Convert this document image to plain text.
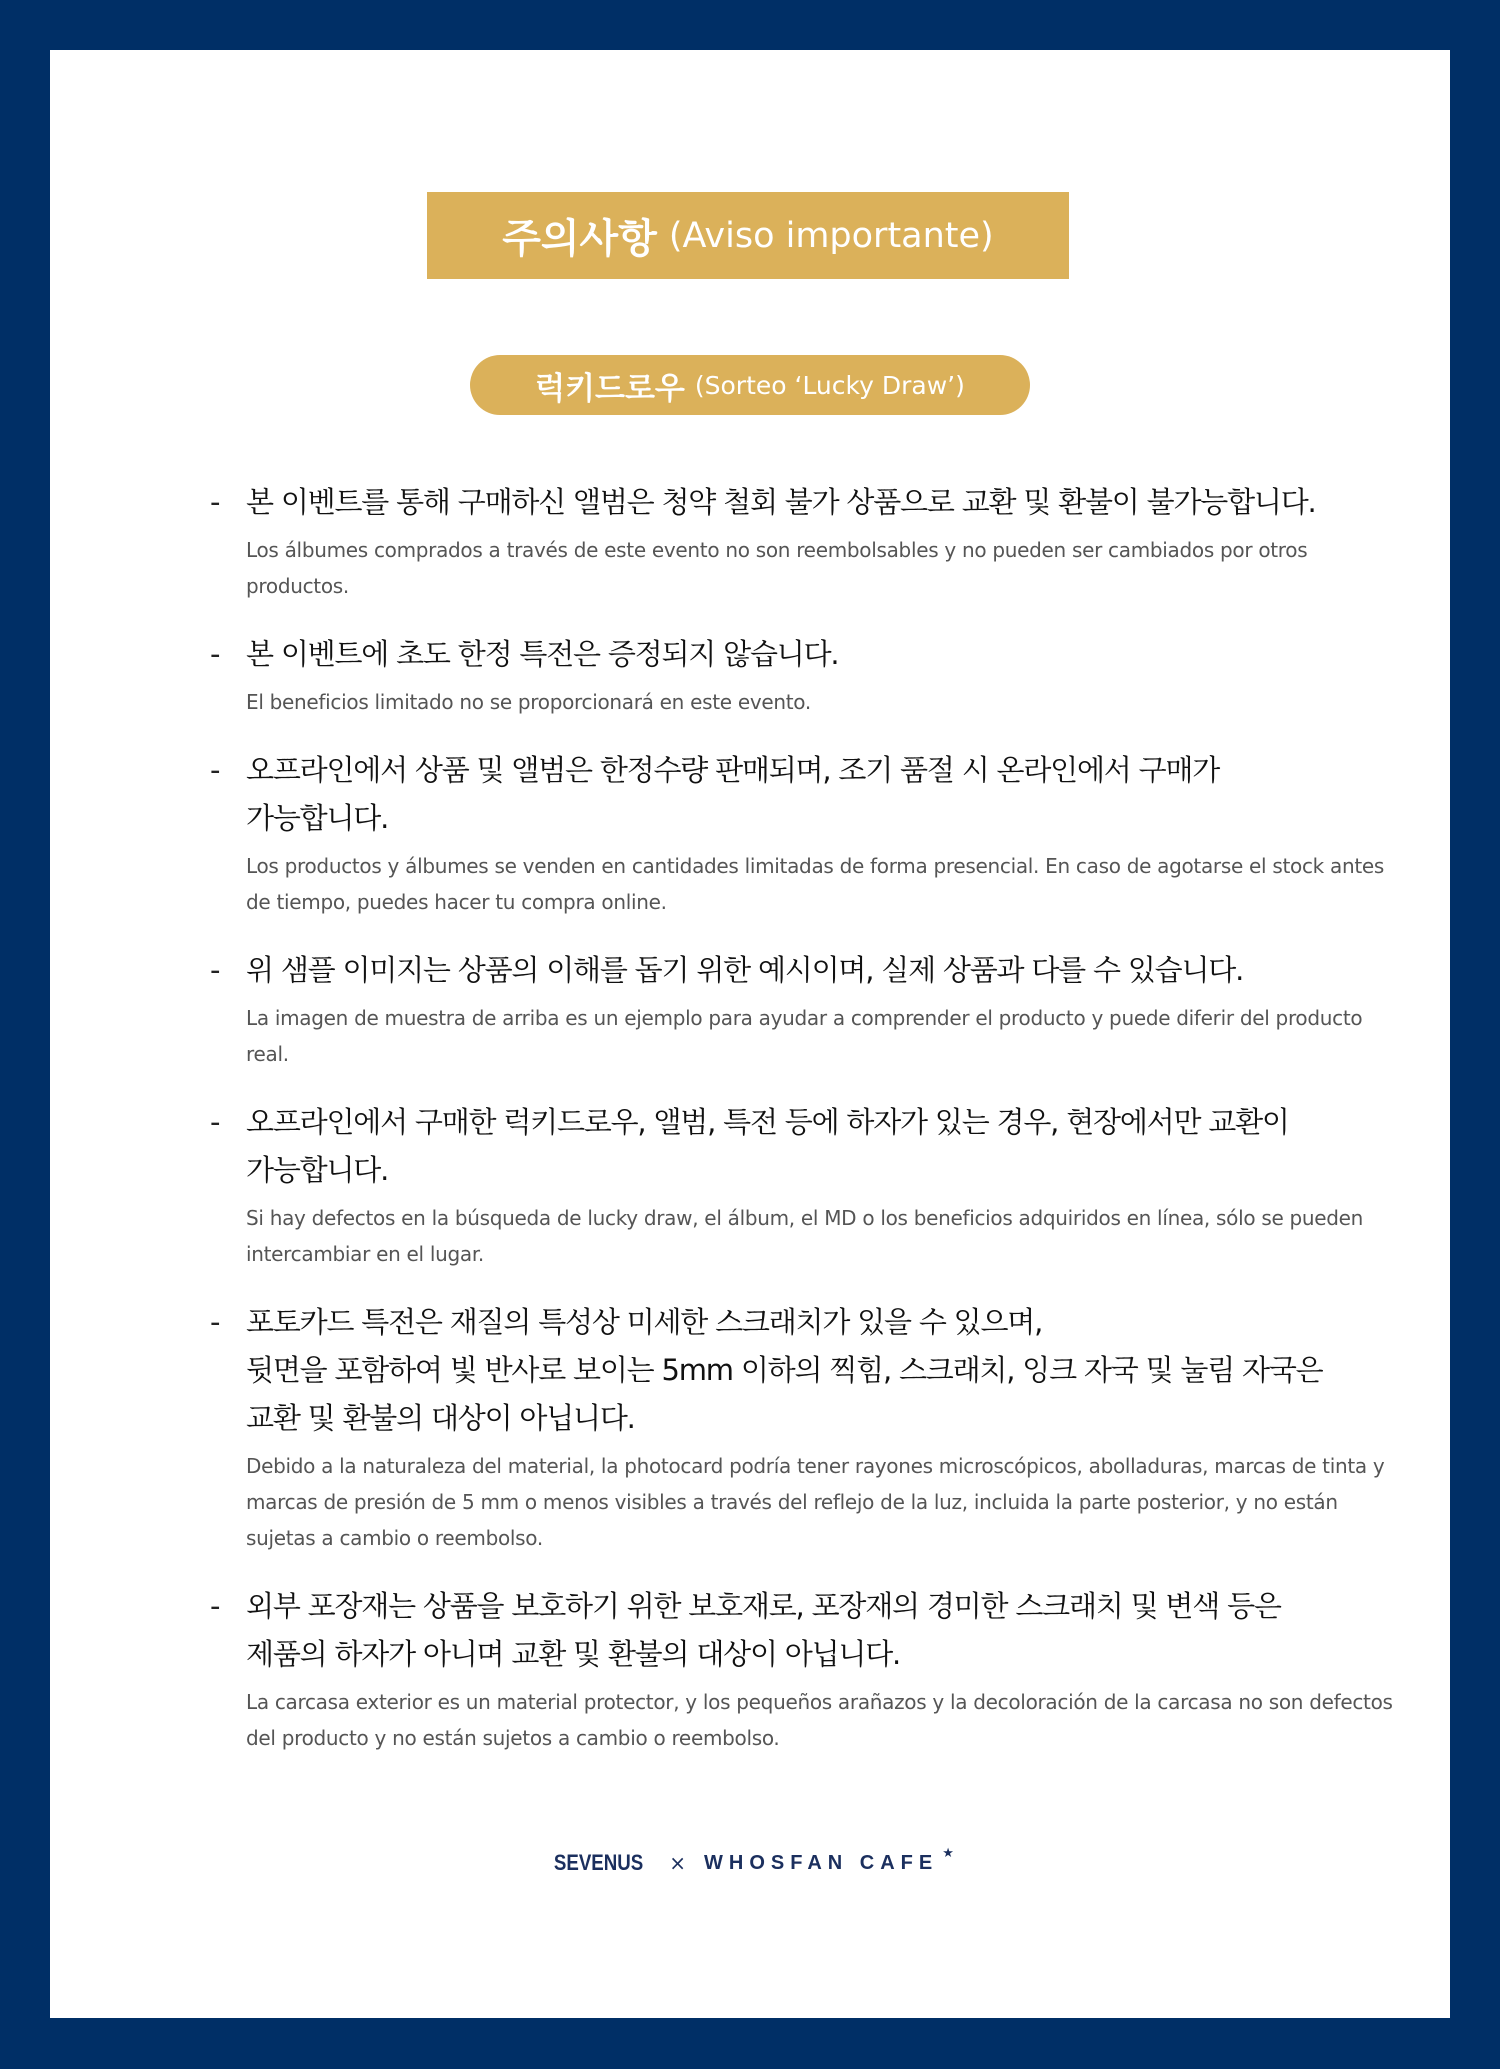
주의사항 (Aviso importante)
럭키드로우 (Sorteo ‘Lucky Draw’)
- 본 이벤트를 통해 구매하신 앨범은 청약 철회 불가 상품으로 교환 및 환불이 불가능합니다.
Los álbumes comprados a través de este evento no son reembolsables y no pueden ser cambiados por otros productos.
- 본 이벤트에 초도 한정 특전은 증정되지 않습니다.
El beneficios limitado no se proporcionará en este evento.
- 오프라인에서 상품 및 앨범은 한정수량 판매되며, 조기 품절 시 온라인에서 구매가
가능합니다.
Los productos y álbumes se venden en cantidades limitadas de forma presencial. En caso de agotarse el stock antes de tiempo, puedes hacer tu compra online.
- 위 샘플 이미지는 상품의 이해를 돕기 위한 예시이며, 실제 상품과 다를 수 있습니다.
La imagen de muestra de arriba es un ejemplo para ayudar a comprender el producto y puede diferir del producto real.
- 오프라인에서 구매한 럭키드로우, 앨범, 특전 등에 하자가 있는 경우, 현장에서만 교환이
가능합니다.
Si hay defectos en la búsqueda de lucky draw, el álbum, el MD o los beneficios adquiridos en línea, sólo se pueden intercambiar en el lugar.
- 포토카드 특전은 재질의 특성상 미세한 스크래치가 있을 수 있으며,
뒷면을 포함하여 빛 반사로 보이는 5mm 이하의 찍힘, 스크래치, 잉크 자국 및 눌림 자국은
교환 및 환불의 대상이 아닙니다.
Debido a la naturaleza del material, la photocard podría tener rayones microscópicos, abolladuras, marcas de tinta y marcas de presión de 5 mm o menos visibles a través del reflejo de la luz, incluida la parte posterior, y no están sujetas a cambio o reembolso.
- 외부 포장재는 상품을 보호하기 위한 보호재로, 포장재의 경미한 스크래치 및 변색 등은
제품의 하자가 아니며 교환 및 환불의 대상이 아닙니다.
La carcasa exterior es un material protector, y los pequeños arañazos y la decoloración de la carcasa no son defectos del producto y no están sujetos a cambio o reembolso.
SEVENUS × WHOSFAN CAFE ★
